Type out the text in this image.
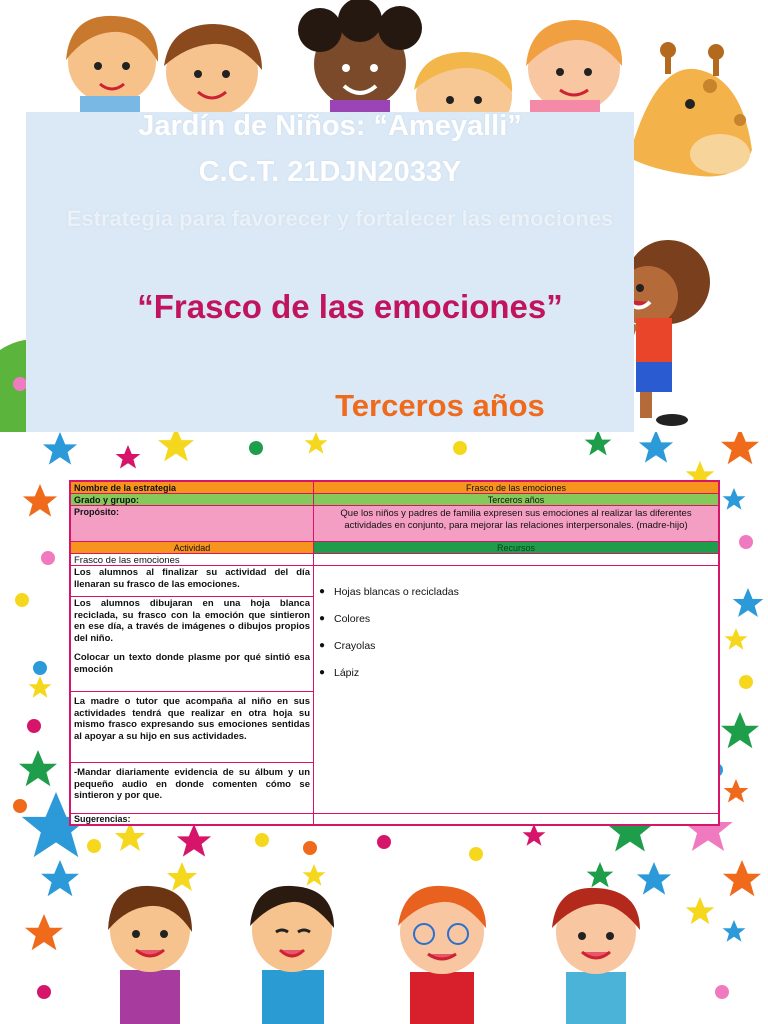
Jardín de Niños: “Ameyalli”
C.C.T. 21DJN2033Y
Estrategia para favorecer y fortalecer las emociones
“Frasco de las emociones”
Terceros años
Nombre de la estrategia	Frasco de las emociones
Grado y grupo:	Terceros años
Propósito:	Que los niños y padres de familia expresen sus emociones al realizar las diferentes actividades en conjunto, para mejorar las relaciones interpersonales. (madre-hijo)
Actividad	Recursos
Frasco de las emociones
Los alumnos al finalizar su actividad del día llenaran su frasco de las emociones.
Los alumnos dibujaran en una hoja blanca reciclada, su frasco con la emoción que sintieron en ese día, a través de imágenes o dibujos propios del niño.
Colocar un texto donde plasme por qué sintió esa emoción
La madre o tutor que acompaña al niño en sus actividades tendrá que realizar en otra hoja su mismo frasco expresando sus emociones sentidas al apoyar a su hijo en sus actividades.
-Mandar diariamente evidencia de su álbum y un pequeño audio en donde comenten cómo se sintieron y por que.
● Hojas blancas o recicladas
● Colores
● Crayolas
● Lápiz
Sugerencias:
